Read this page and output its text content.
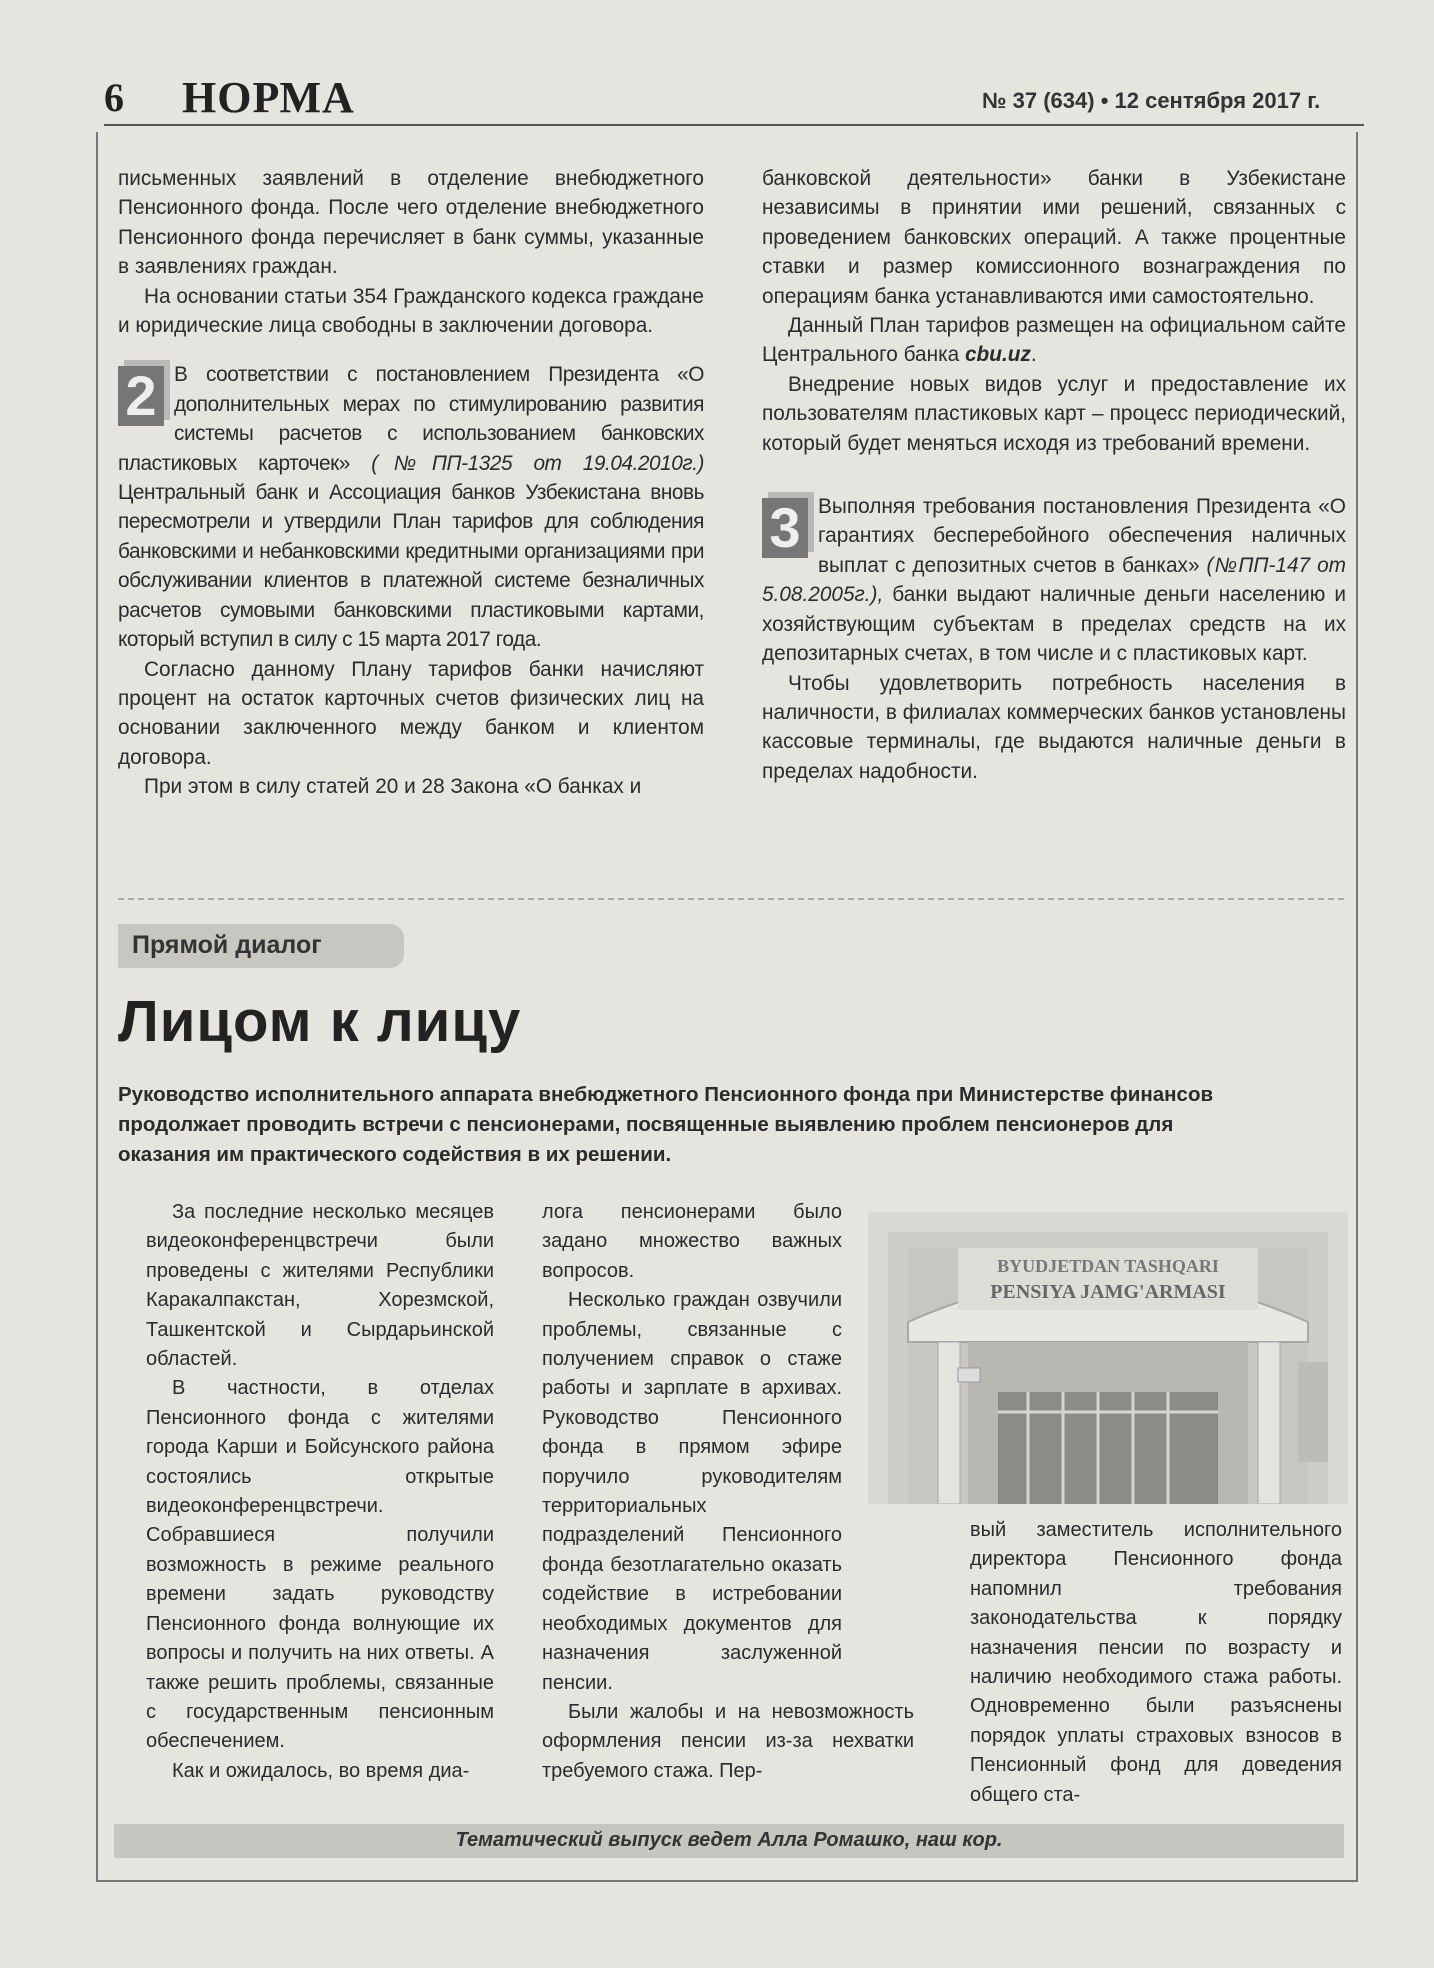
6 НОРМА	№ 37 (634) • 12 сентября 2017 г.

письменных заявлений в отделение внебюджетного Пенсионного фонда. После чего отделение внебюджетного Пенсионного фонда перечисляет в банк суммы, указанные в заявлениях граждан.

На основании статьи 354 Гражданского кодекса граждане и юридические лица свободны в заключении договора.

2 В соответствии с постановлением Президента «О дополнительных мерах по стимулированию развития системы расчетов с использованием банковских пластиковых карточек» (№ПП-1325 от 19.04.2010г.) Центральный банк и Ассоциация банков Узбекистана вновь пересмотрели и утвердили План тарифов для соблюдения банковскими и небанковскими кредитными организациями при обслуживании клиентов в платежной системе безналичных расчетов сумовыми банковскими пластиковыми картами, который вступил в силу с 15 марта 2017 года.

Согласно данному Плану тарифов банки начисляют процент на остаток карточных счетов физических лиц на основании заключенного между банком и клиентом договора.

При этом в силу статей 20 и 28 Закона «О банках и

банковской деятельности» банки в Узбекистане независимы в принятии ими решений, связанных с проведением банковских операций. А также процентные ставки и размер комиссионного вознаграждения по операциям банка устанавливаются ими самостоятельно.

Данный План тарифов размещен на официальном сайте Центрального банка cbu.uz.

Внедрение новых видов услуг и предоставление их пользователям пластиковых карт – процесс периодический, который будет меняться исходя из требований времени.

3 Выполняя требования постановления Президента «О гарантиях бесперебойного обеспечения наличных выплат с депозитных счетов в банках» (№ПП-147 от 5.08.2005г.), банки выдают наличные деньги населению и хозяйствующим субъектам в пределах средств на их депозитарных счетах, в том числе и с пластиковых карт.

Чтобы удовлетворить потребность населения в наличности, в филиалах коммерческих банков установлены кассовые терминалы, где выдаются наличные деньги в пределах надобности.

Прямой диалог
Лицом к лицу
Руководство исполнительного аппарата внебюджетного Пенсионного фонда при Министерстве финансов продолжает проводить встречи с пенсионерами, посвященные выявлению проблем пенсионеров для оказания им практического содействия в их решении.

За последние несколько месяцев видеоконференцвстречи были проведены с жителями Республики Каракалпакстан, Хорезмской, Ташкентской и Сырдарьинской областей.

В частности, в отделах Пенсионного фонда с жителями города Карши и Бойсунского района состоялись открытые видеоконференцвстречи. Собравшиеся получили возможность в режиме реального времени задать руководству Пенсионного фонда волнующие их вопросы и получить на них ответы. А также решить проблемы, связанные с государственным пенсионным обеспечением.

Как и ожидалось, во время диа-

лога пенсионерами было задано множество важных вопросов.

Несколько граждан озвучили проблемы, связанные с получением справок о стаже работы и зарплате в архивах. Руководство Пенсионного фонда в прямом эфире поручило руководителям территориальных подразделений Пенсионного фонда безотлагательно оказать содействие в истребовании необходимых документов для назначения заслуженной пенсии.

Были жалобы и на невозможность оформления пенсии из-за нехватки требуемого стажа. Пер-

BYUDJETDAN TASHQARI
PENSIYA JAMG'ARMASI

вый заместитель исполнительного директора Пенсионного фонда напомнил требования законодательства к порядку назначения пенсии по возрасту и наличию необходимого стажа работы. Одновременно были разъяснены порядок уплаты страховых взносов в Пенсионный фонд для доведения общего ста-

Тематический выпуск ведет Алла Ромашко, наш кор.
